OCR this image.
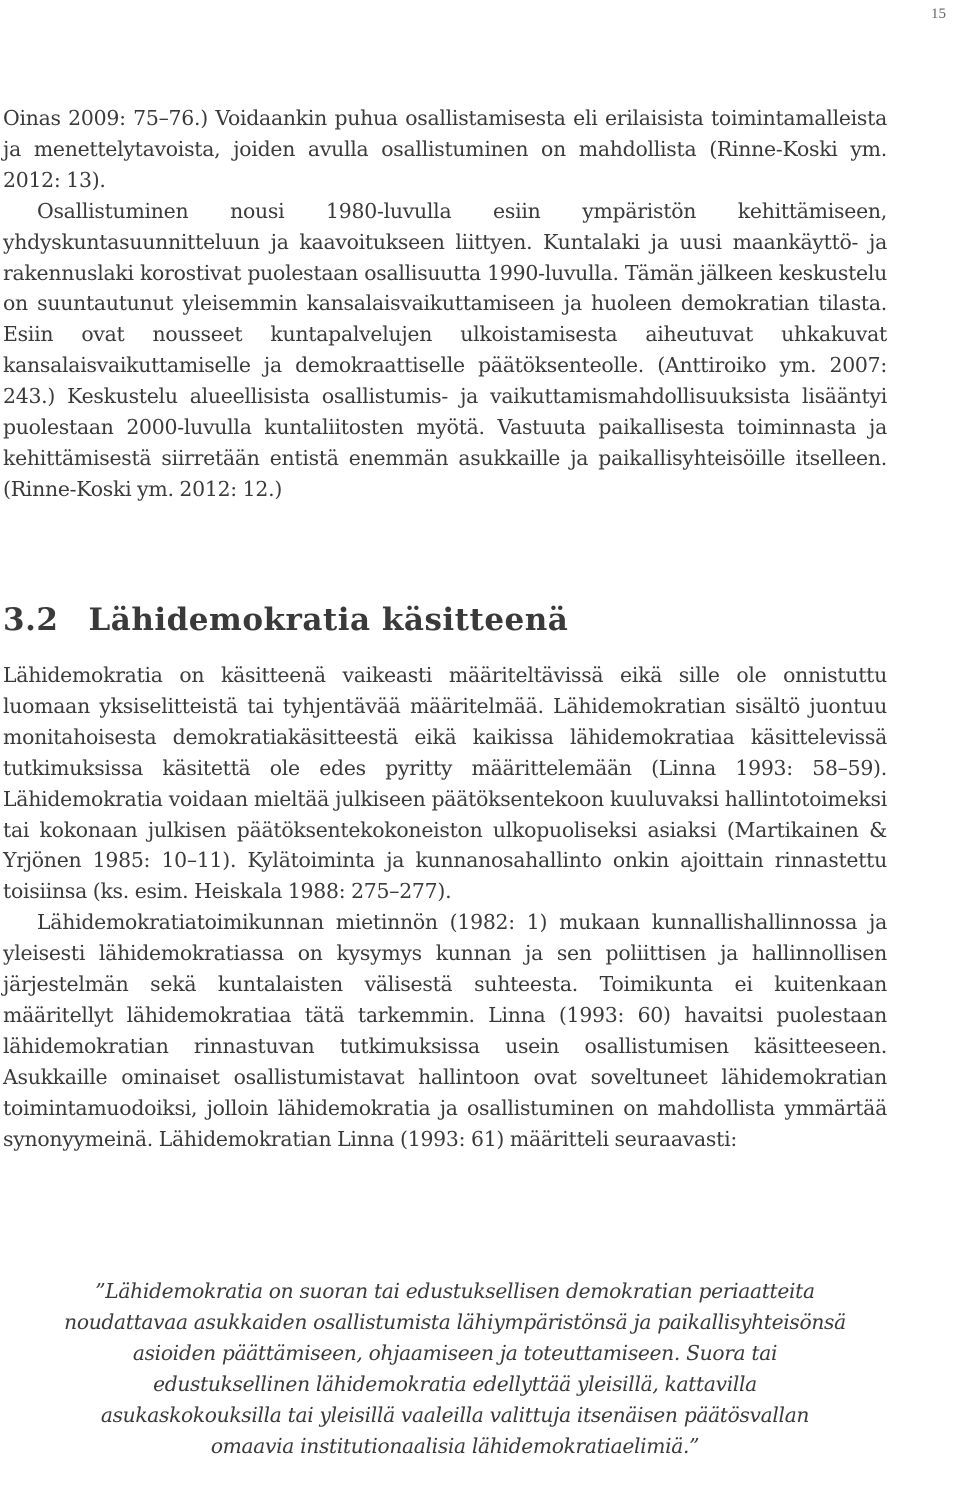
15

Oinas 2009: 75–76.) Voidaankin puhua osallistamisesta eli erilaisista toimintamalleista ja menettelytavoista, joiden avulla osallistuminen on mahdollista (Rinne-Koski ym. 2012: 13).

Osallistuminen nousi 1980-luvulla esiin ympäristön kehittämiseen, yhdyskuntasuunnitteluun ja kaavoitukseen liittyen. Kuntalaki ja uusi maankäyttö- ja rakennuslaki korostivat puolestaan osallisuutta 1990-luvulla. Tämän jälkeen keskustelu on suuntautunut yleisemmin kansalaisvaikuttamiseen ja huoleen demokratian tilasta. Esiin ovat nousseet kuntapalvelujen ulkoistamisesta aiheutuvat uhkakuvat kansalaisvaikuttamiselle ja demokraattiselle päätöksenteolle. (Anttiroiko ym. 2007: 243.) Keskustelu alueellisista osallistumis- ja vaikuttamismahdollisuuksista lisääntyi puolestaan 2000-luvulla kuntaliitosten myötä. Vastuuta paikallisesta toiminnasta ja kehittämisestä siirretään entistä enemmän asukkaille ja paikallisyhteisöille itselleen. (Rinne-Koski ym. 2012: 12.)

3.2 Lähidemokratia käsitteenä

Lähidemokratia on käsitteenä vaikeasti määriteltävissä eikä sille ole onnistuttu luomaan yksiselitteistä tai tyhjentävää määritelmää. Lähidemokratian sisältö juontuu monitahoisesta demokratiakäsitteestä eikä kaikissa lähidemokratiaa käsittelevissä tutkimuksissa käsitettä ole edes pyritty määrittelemään (Linna 1993: 58–59). Lähidemokratia voidaan mieltää julkiseen päätöksentekoon kuuluvaksi hallintotoimeksi tai kokonaan julkisen päätöksentekokoneiston ulkopuoliseksi asiaksi (Martikainen & Yrjönen 1985: 10–11). Kylätoiminta ja kunnanosahallinto onkin ajoittain rinnastettu toisiinsa (ks. esim. Heiskala 1988: 275–277).

Lähidemokratiatoimikunnan mietinnön (1982: 1) mukaan kunnallishallinnossa ja yleisesti lähidemokratiassa on kysymys kunnan ja sen poliittisen ja hallinnollisen järjestelmän sekä kuntalaisten välisestä suhteesta. Toimikunta ei kuitenkaan määritellyt lähidemokratiaa tätä tarkemmin. Linna (1993: 60) havaitsi puolestaan lähidemokratian rinnastuvan tutkimuksissa usein osallistumisen käsitteeseen. Asukkaille ominaiset osallistumistavat hallintoon ovat soveltuneet lähidemokratian toimintamuodoiksi, jolloin lähidemokratia ja osallistuminen on mahdollista ymmärtää synonyymeinä. Lähidemokratian Linna (1993: 61) määritteli seuraavasti:

”Lähidemokratia on suoran tai edustuksellisen demokratian periaatteita noudattavaa asukkaiden osallistumista lähiympäristönsä ja paikallisyhteisönsä asioiden päättämiseen, ohjaamiseen ja toteuttamiseen. Suora tai edustuksellinen lähidemokratia edellyttää yleisillä, kattavilla asukaskokouksilla tai yleisillä vaaleilla valittuja itsenäisen päätösvallan omaavia institutionaalisia lähidemokratiaelimiä.”
